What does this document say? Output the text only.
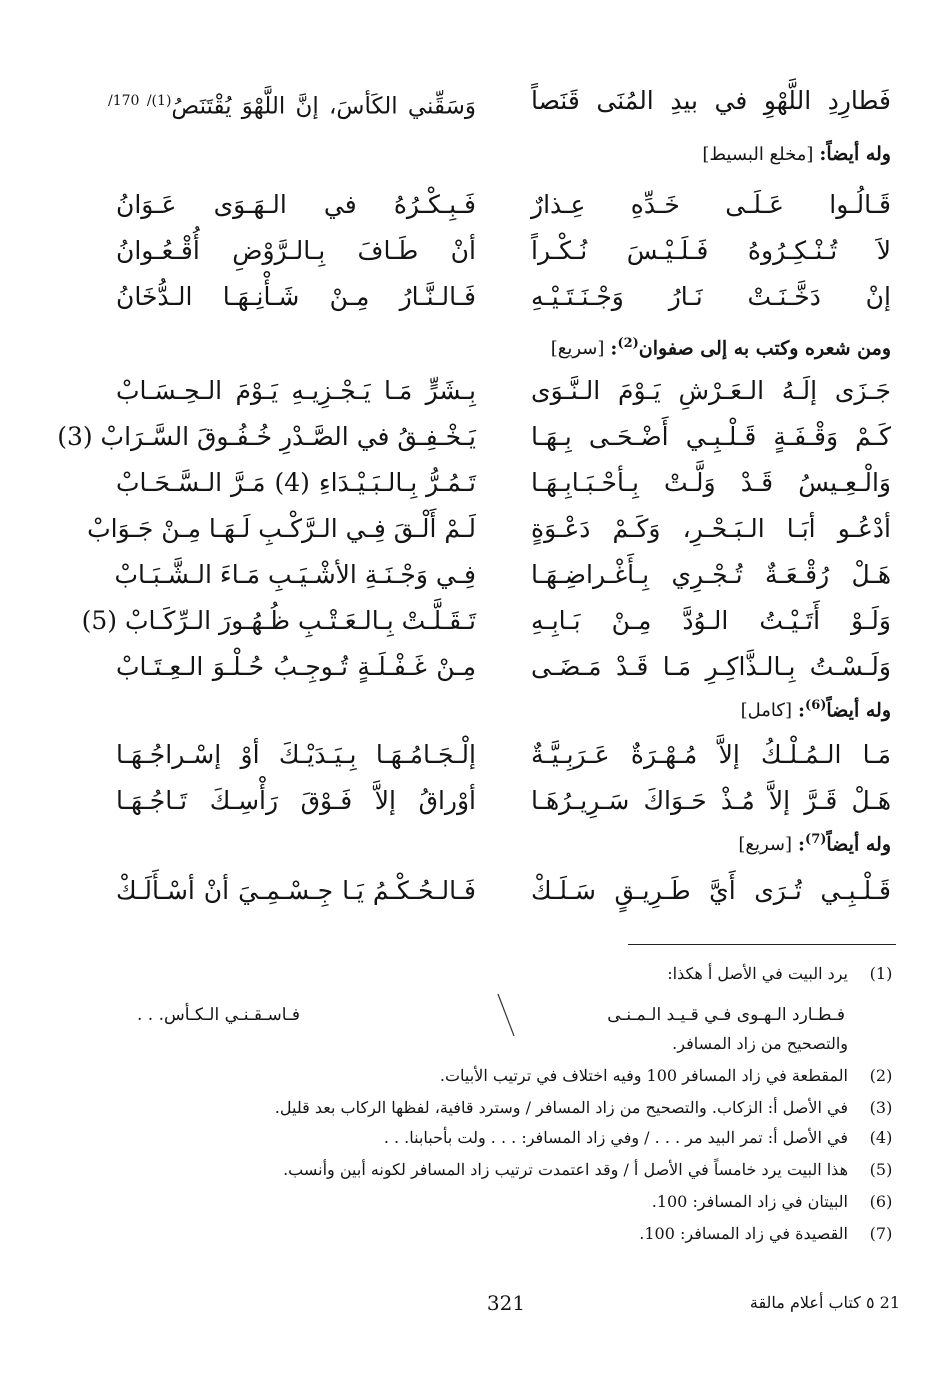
فَطارِدِ اللَّهْوِ في بيدِ المُنَى قَنَصاً
وَسَقِّني الكَأسَ، إنَّ اللَّهْوَ يُقْتَنَصُ$^{(1)/ 170/}$
وله أيضاً:[مخلع البسيط]
قَـالُـوا عَـلَـى خَـدِّهِ عِـذارٌ
فَـبِـكْـرُهُ في الـهَـوَى عَـوَانُ
لاَ تُـنْـكِـرُوهُ فَـلَـيْـسَ نُـكْـراً
أنْ طَـافَ بِـالـرَّوْضِ أُقْـعُـوانُ
إنْ دَخَّـنَـتْ نَـارُ وَجْـنَـتَـيْـهِ
فَـالـنَّـارُ مِـنْ شَـأْنِـهَـا الـدُّخَانُ
ومن شعره وكتب به إلى صفوان$^{(2)}$:[سريع]
جَـزَى إلَـهُ الـعَـرْشِ يَـوْمَ الـنَّـوَى
بِـشَرٍّ مَـا يَـجْـزِيـهِ يَـوْمَ الـحِـسَـابْ
كَـمْ وَقْـفَـةٍ قَـلْـبِـي أَضْـحَـى بِـهَـا
يَـخْـفِـقُ في الصَّـدْرِ خُـفُـوقَ السَّـرَابْ (3)
وَالْـعِـيسُ قَـدْ وَلَّـتْ بِـأحْـبَـابِـهَـا
تَـمُـرُّ بِـالـبَـيْـدَاءِ (4) مَـرَّ الـسَّـحَـابْ
أدْعُـو أبَـا الـبَـحْـرِ، وَكَـمْ دَعْـوَةٍ
لَـمْ أَلْـقَ فِـي الـرَّكْـبِ لَـهَـا مِـنْ جَـوَابْ
هَـلْ رُقْـعَـةٌ تُـجْـرِي بِـأَغْـراضِـهَـا
فِـي وَجْـنَـةِ الأشْـيَـبِ مَـاءَ الـشَّـبَـابْ
وَلَـوْ أَتَـيْـتُ الـوُدَّ مِـنْ بَـابِـهِ
تَـقَـلَّـتْ بِـالـعَـتْـبِ ظُـهُـورَ الـرِّكَـابْ (5)
وَلَـسْـتُ بِـالـذَّاكِـرِ مَـا قَـدْ مَـضَـى
مِـنْ غَـفْـلَـةٍ تُـوجِـبُ حُـلْـوَ الـعِـتَـابْ
وله أيضاً$^{(6)}$:[كامل]
مَـا الـمُـلْـكُ إلاَّ مُـهْـرَةٌ عَـرَبِـيَّـةٌ
إلْـجَـامُـهَـا بِـيَـدَيْـكَ أوْ إسْـراجُـهَـا
هَـلْ قَـرَّ إلاَّ مُـذْ حَـوَاكَ سَـرِيـرُهَـا
أوْراقُ إلاَّ فَـوْقَ رَأْسِـكَ تَـاجُـهَـا
وله أيضاً$^{(7)}$:[سريع]
قَـلْـبِـي تُـرَى أَيَّ طَـرِيـقٍ سَـلَـكْ
فَـالـحُـكْـمُ يَـا جِـسْـمِـيَ أنْ أسْـأَلَـكْ
(1)
يرد البيت في الأصل أ هكذا:
فـطـارد الـهـوى فـي قـيـد الـمـنـى
فـاسـقـنـي الـكـأس. . .
والتصحيح من زاد المسافر.
(2)
المقطعة في زاد المسافر 100 وفيه اختلاف في ترتيب الأبيات.
(3)
في الأصل أ: الزكاب. والتصحيح من زاد المسافر / وسترد قافية، لفظها الركاب بعد قليل.
(4)
في الأصل أ: تمر البيد مر . . . / وفي زاد المسافر: . . . ولت بأحبابنا. . .
(5)
هذا البيت يرد خامساً في الأصل أ / وقد اعتمدت ترتيب زاد المسافر لكونه أبين وأنسب.
(6)
البيتان في زاد المسافر: 100.
(7)
القصيدة في زاد المسافر: 100.
21 ٥ كتاب أعلام مالقة
321
